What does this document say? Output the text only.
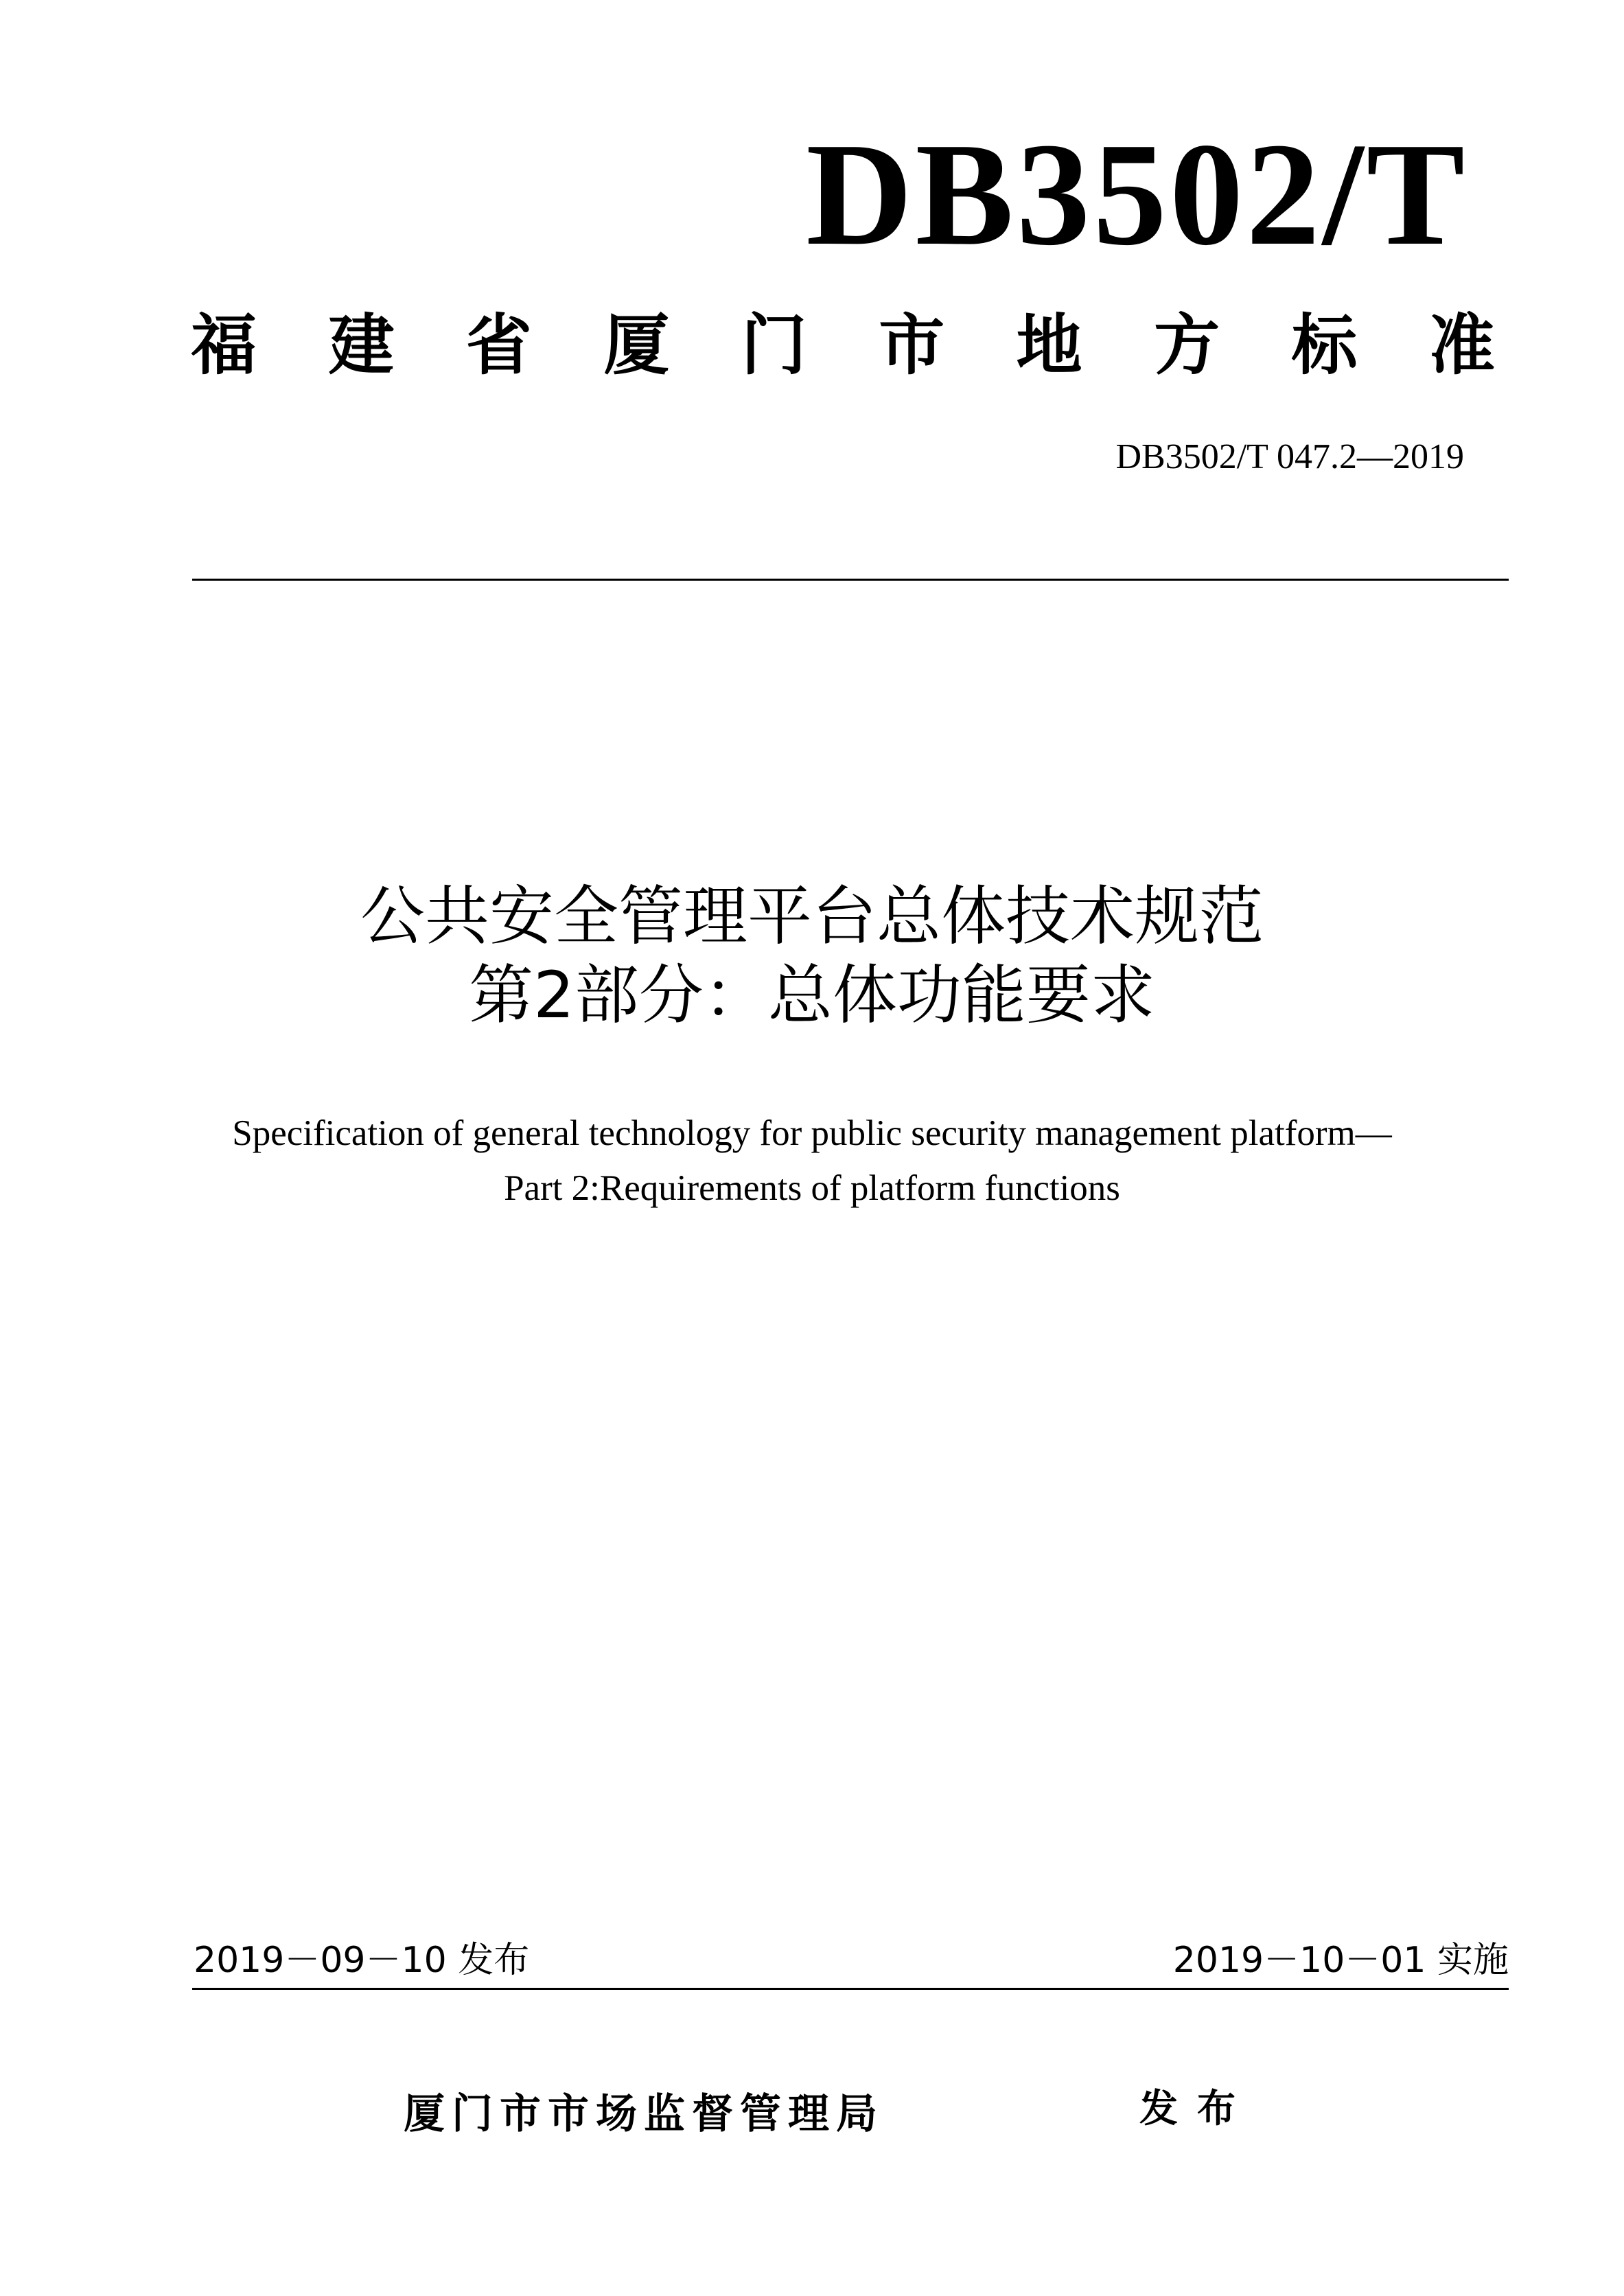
DB3502/T
福 建 省 厦 门 市 地 方 标 准
DB3502/T 047.2—2019
公共安全管理平台总体技术规范
第2部分：总体功能要求
Specification of general technology for public security management platform—
Part 2:Requirements of platform functions
2019－09－10 发布	2019－10－01 实施
厦门市市场监督管理局	发布
